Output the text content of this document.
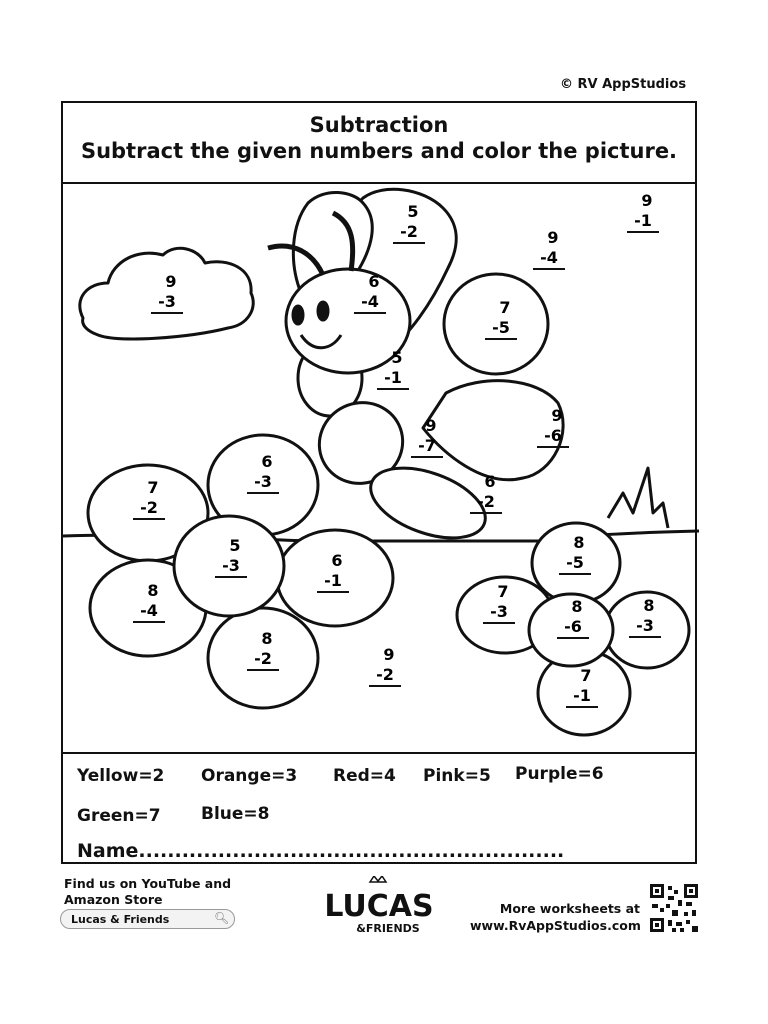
© RV AppStudios
Subtraction
Subtract the given numbers and color the picture.
9
-3
5
-2	9
-4
7
-5
6
-4
5
-1
9
-7
6
-2
9
-6
9
-1
6
-3
7
-2
5
-3	6
-1
8
-4
8
-2	9
-2
8
-5
7
-3	8
-6
8
-3
7
-1
Yellow=2 Orange=3 Red=4 Pink=5 Purple=6
Green=7 Blue=8
Name...........................................................
Find us on YouTube and
Amazon Store
Lucas & Friends	🔍︎	LUCAS
&FRIENDS
More worksheets at
www.RvAppStudios.com
